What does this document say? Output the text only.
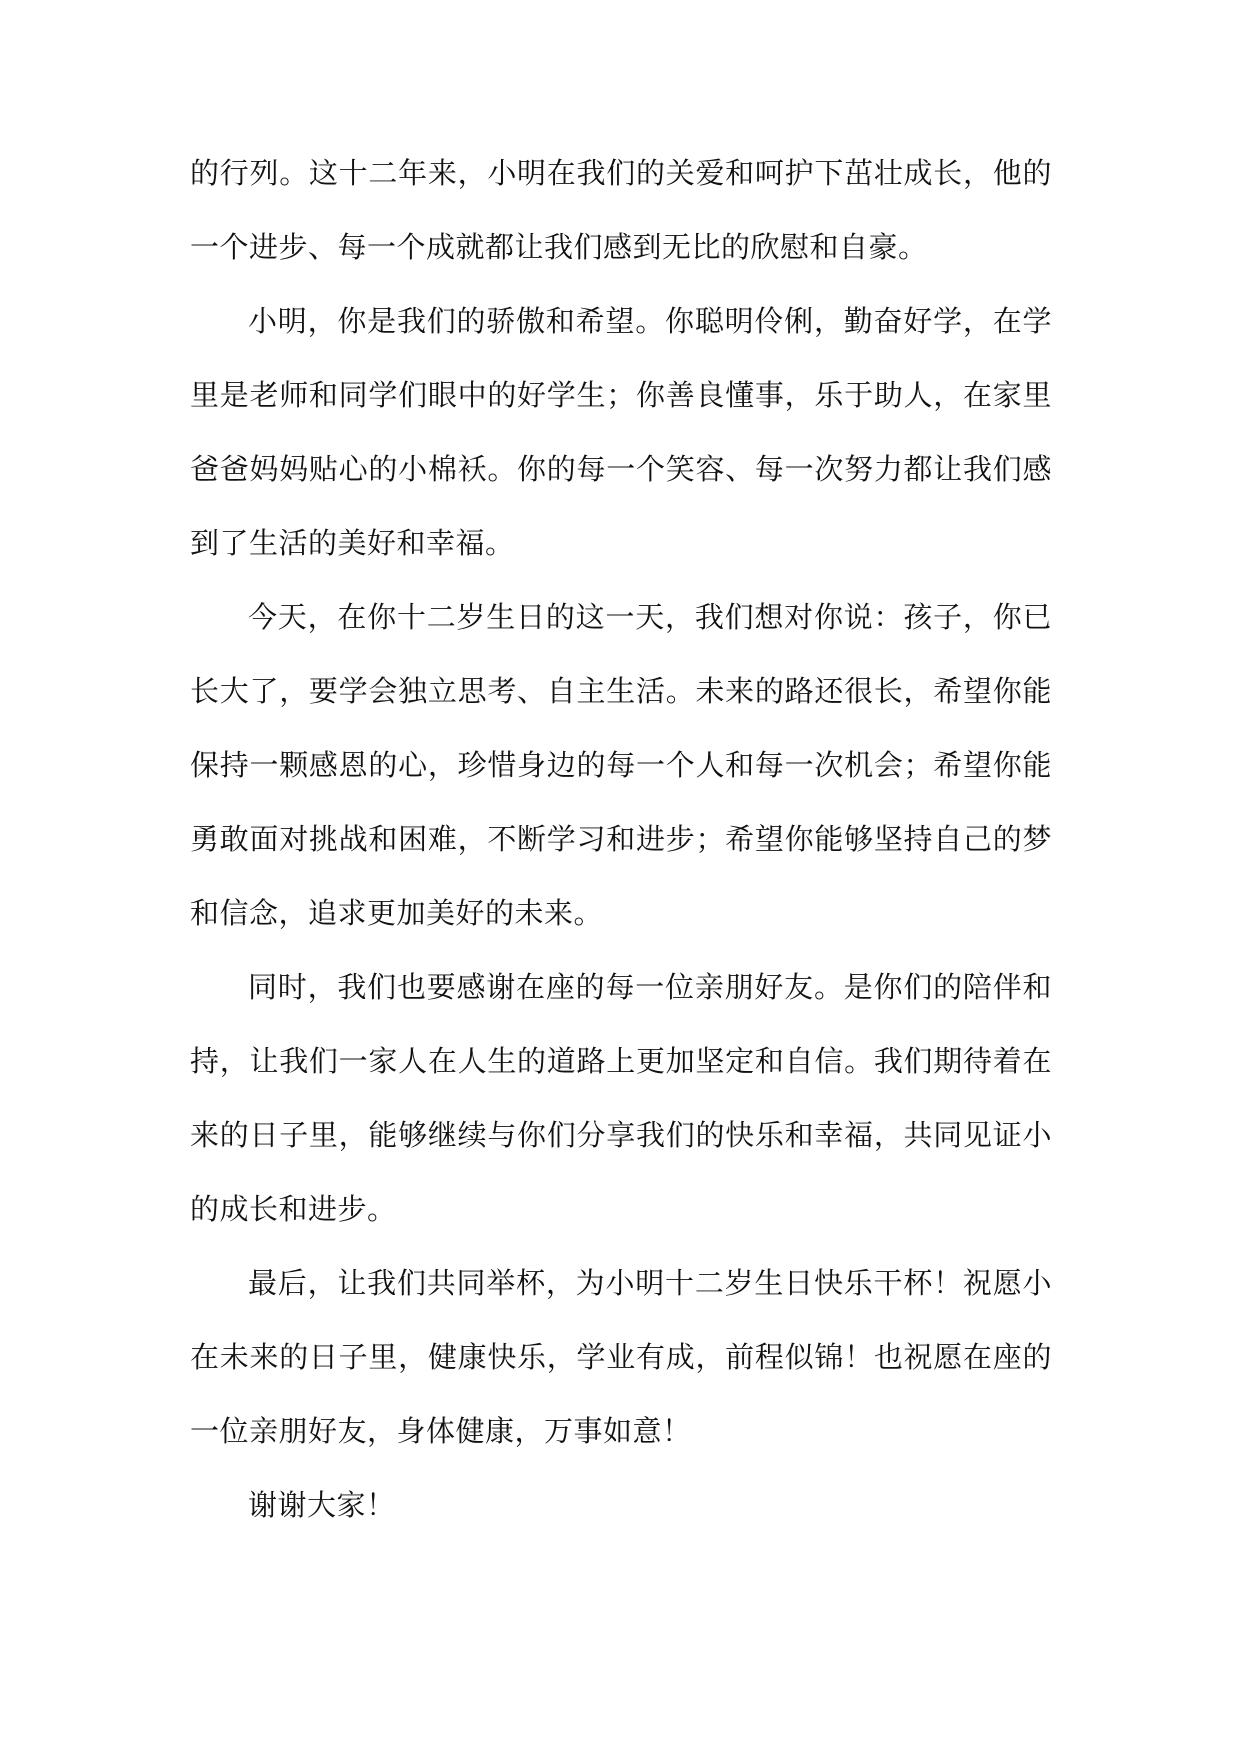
的行列。这十二年来，小明在我们的关爱和呵护下茁壮成长，他的
一个进步、每一个成就都让我们感到无比的欣慰和自豪。
小明，你是我们的骄傲和希望。你聪明伶俐，勤奋好学，在学
里是老师和同学们眼中的好学生；你善良懂事，乐于助人，在家里
爸爸妈妈贴心的小棉袄。你的每一个笑容、每一次努力都让我们感
到了生活的美好和幸福。
今天，在你十二岁生日的这一天，我们想对你说：孩子，你已
长大了，要学会独立思考、自主生活。未来的路还很长，希望你能
保持一颗感恩的心，珍惜身边的每一个人和每一次机会；希望你能
勇敢面对挑战和困难，不断学习和进步；希望你能够坚持自己的梦
和信念，追求更加美好的未来。
同时，我们也要感谢在座的每一位亲朋好友。是你们的陪伴和
持，让我们一家人在人生的道路上更加坚定和自信。我们期待着在
来的日子里，能够继续与你们分享我们的快乐和幸福，共同见证小
的成长和进步。
最后，让我们共同举杯，为小明十二岁生日快乐干杯！祝愿小
在未来的日子里，健康快乐，学业有成，前程似锦！也祝愿在座的
一位亲朋好友，身体健康，万事如意！
谢谢大家！
